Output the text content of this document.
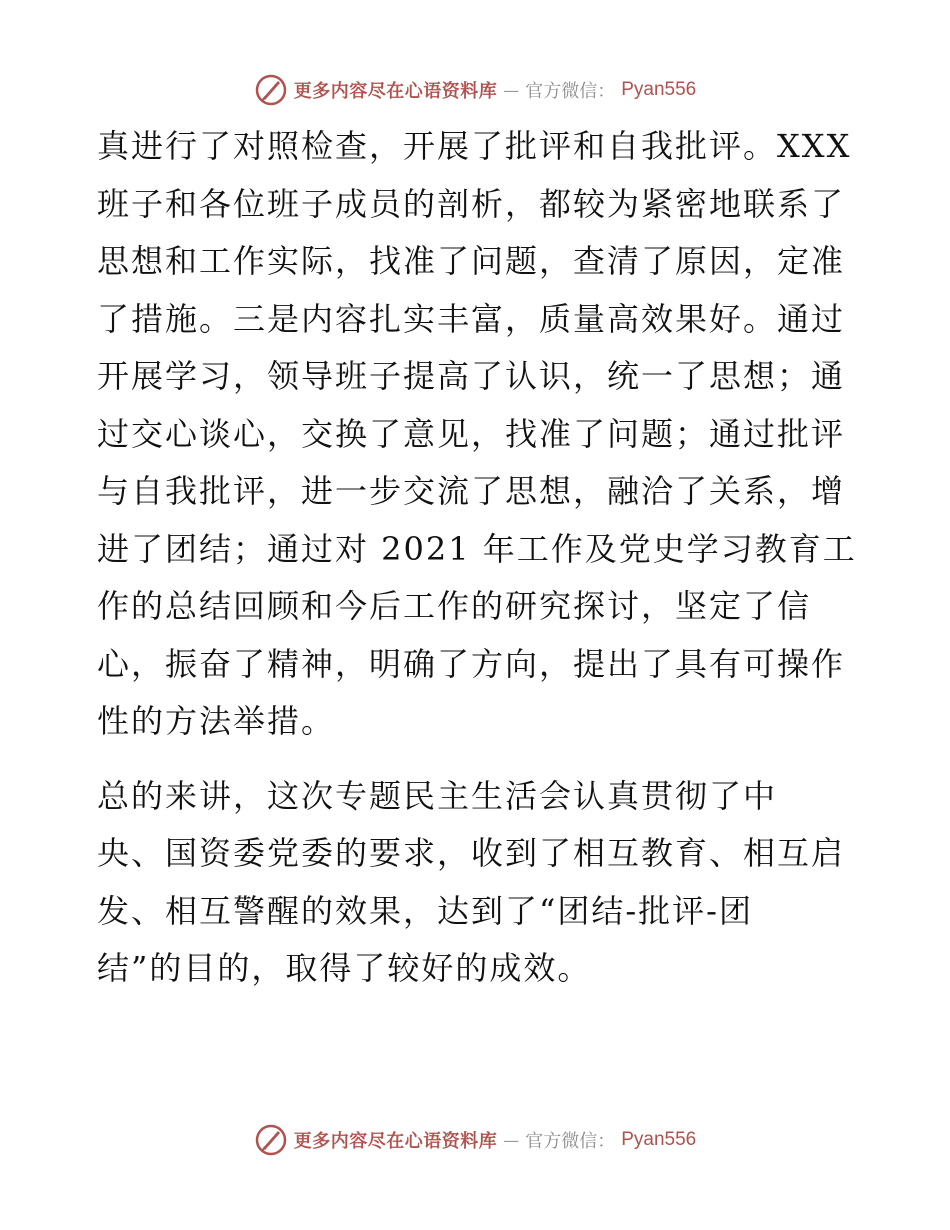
更多内容尽在心语资料库 — 官方微信： Pyan556
真进行了对照检查，开展了批评和自我批评。XXX
班子和各位班子成员的剖析，都较为紧密地联系了
思想和工作实际，找准了问题，查清了原因，定准
了措施。三是内容扎实丰富，质量高效果好。通过
开展学习，领导班子提高了认识，统一了思想；通
过交心谈心，交换了意见，找准了问题；通过批评
与自我批评，进一步交流了思想，融洽了关系，增
进了团结；通过对 2021 年工作及党史学习教育工
作的总结回顾和今后工作的研究探讨，坚定了信
心，振奋了精神，明确了方向，提出了具有可操作
性的方法举措。
总的来讲，这次专题民主生活会认真贯彻了中
央、国资委党委的要求，收到了相互教育、相互启
发、相互警醒的效果，达到了“团结-批评-团
结”的目的，取得了较好的成效。
更多内容尽在心语资料库 — 官方微信： Pyan556
